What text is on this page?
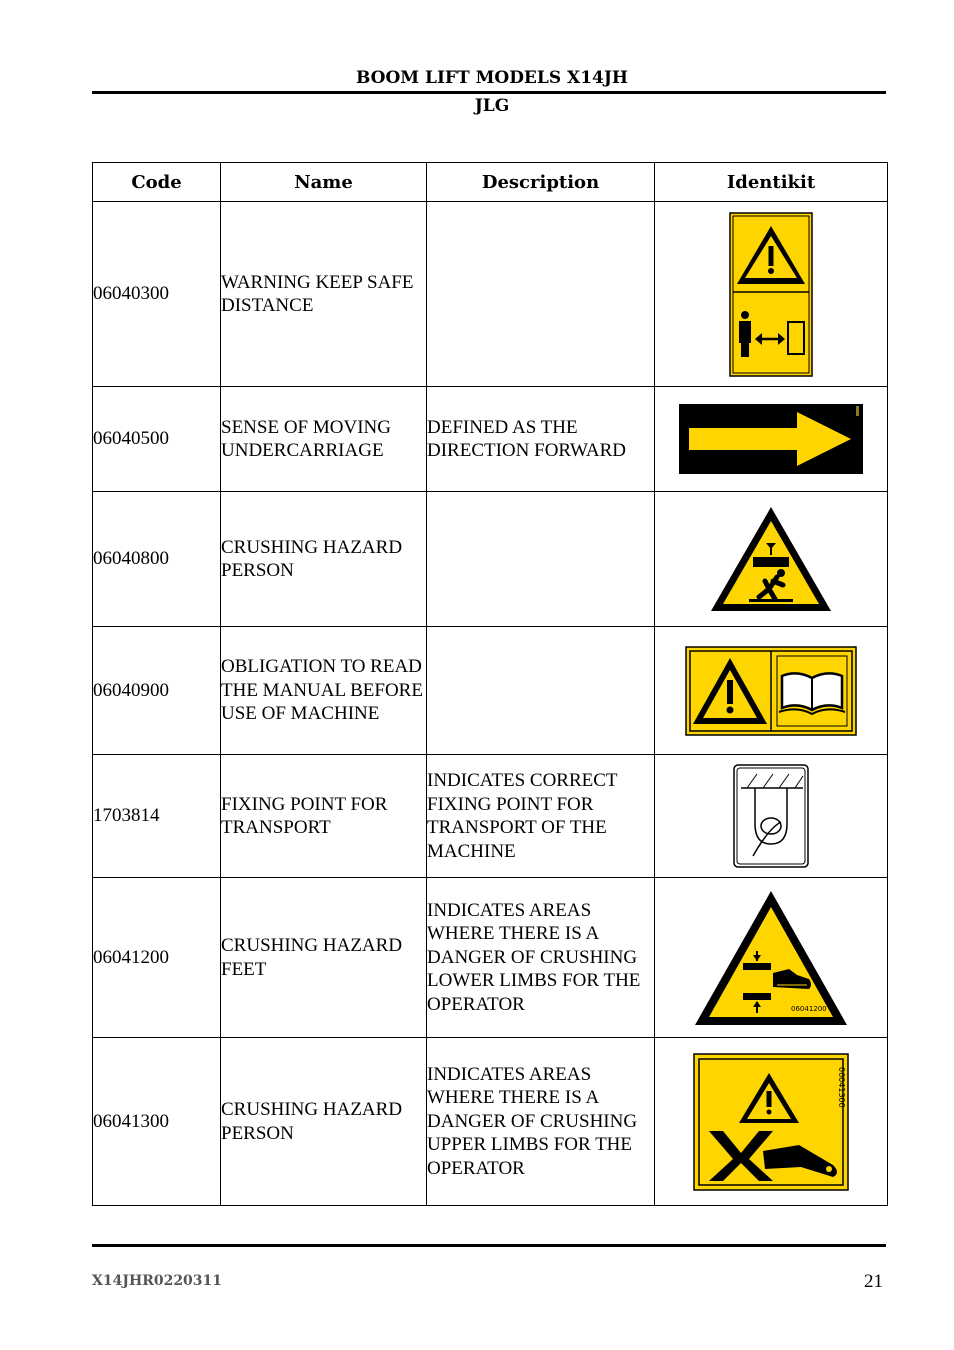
BOOM LIFT MODELS X14JH
JLG
Code	Name	Description	Identikit
06040300	WARNING KEEP SAFE DISTANCE		

06040500	SENSE OF MOVING UNDERCARRIAGE	DEFINED AS THE DIRECTION FORWARD	

06040800	CRUSHING HAZARD PERSON		

06040900	OBLIGATION TO READ THE MANUAL BEFORE USE OF MACHINE		

1703814	FIXING POINT FOR TRANSPORT	INDICATES CORRECT FIXING POINT FOR TRANSPORT OF THE MACHINE	

06041200	CRUSHING HAZARD FEET	INDICATES AREAS WHERE THERE IS A DANGER OF CRUSHING LOWER LIMBS FOR THE OPERATOR	06041200

06041300	CRUSHING HAZARD PERSON	INDICATES AREAS WHERE THERE IS A DANGER OF CRUSHING UPPER LIMBS FOR THE OPERATOR	06041300
X14JHR0220311	21
